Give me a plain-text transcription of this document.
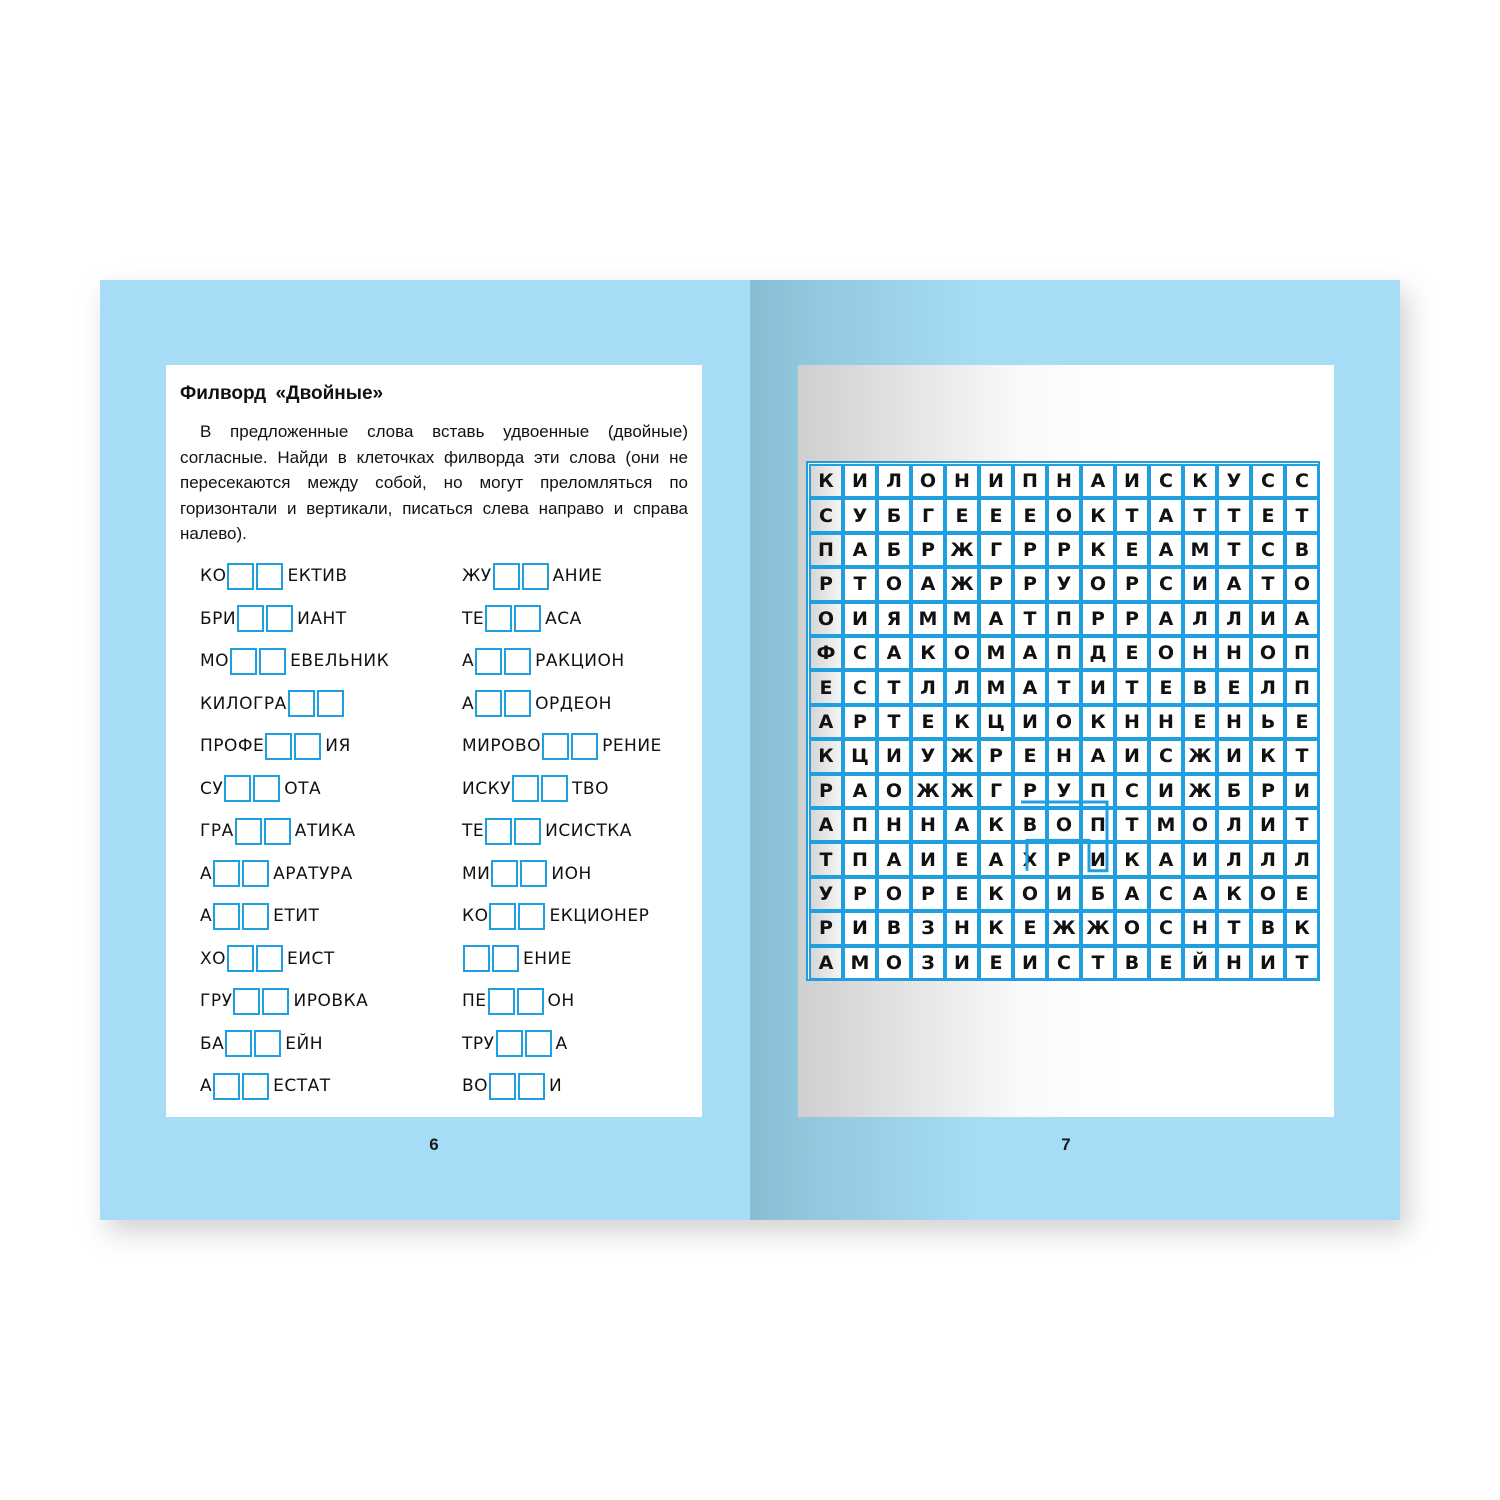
Филворд «Двойные»
В предложенные слова вставь удвоенные (двойные) согласные. Найди в клеточках филворда эти слова (они не пересекаются между собой, но могут преломляться по горизонтали и вертикали, писаться слева направо и справа налево).
КО	ЕКТИВ
БРИ	ИАНТ
МО	ЕВЕЛЬНИК
КИЛОГРА
ПРОФЕ	ИЯ
СУ	ОТА
ГРА	АТИКА
А	АРАТУРА
А	ЕТИТ
ХО	ЕИСТ
ГРУ	ИРОВКА
БА	ЕЙН
А	ЕСТАТ
ЖУ	АНИЕ
ТЕ	АСА
А	РАКЦИОН
А	ОРДЕОН
МИРОВО	РЕНИЕ
ИСКУ	ТВО
ТЕ	ИСИСТКА
МИ	ИОН
КО	ЕКЦИОНЕР
ЕНИЕ
ПЕ	ОН
ТРУ	А
ВО	И
6
К И Л О Н И П Н А И	С	К У	С	С
С	У	Б	Г	Е	Е	Е	О К	Т	А	Т	Т	Е	Т
П А	Б	Р Ж Г	Р	Р	К	Е	А М Т	С	В
Р	Т	О А Ж Р	Р	У О Р	С	И А	Т	О
О И Я М М А	Т	П	Р	Р	А Л Л И А
Ф С	А К О М А П Д	Е	О Н Н О П
Е	С	Т	Л Л М А	Т	И	Т	Е	В	Е	Л П
А	Р	Т	Е	К Ц И О К Н Н	Е	Н Ь	Е
К Ц И У Ж Р	Е	Н А И	С Ж И К	Т
Р	А О Ж Ж Г	Р	У П	С	И Ж Б	Р	И
А П Н Н А К В О П	Т М О Л И	Т
Т	П А И	Е	А	Х	Р	И К А И Л Л Л
У	Р О Р	Е	К О И Б	А	С	А К О	Е
Р	И В	З	Н К	Е Ж Ж О С	Н	Т	В	К
А М О	З	И	Е	И	С	Т	В	Е	Й Н И	Т
7
